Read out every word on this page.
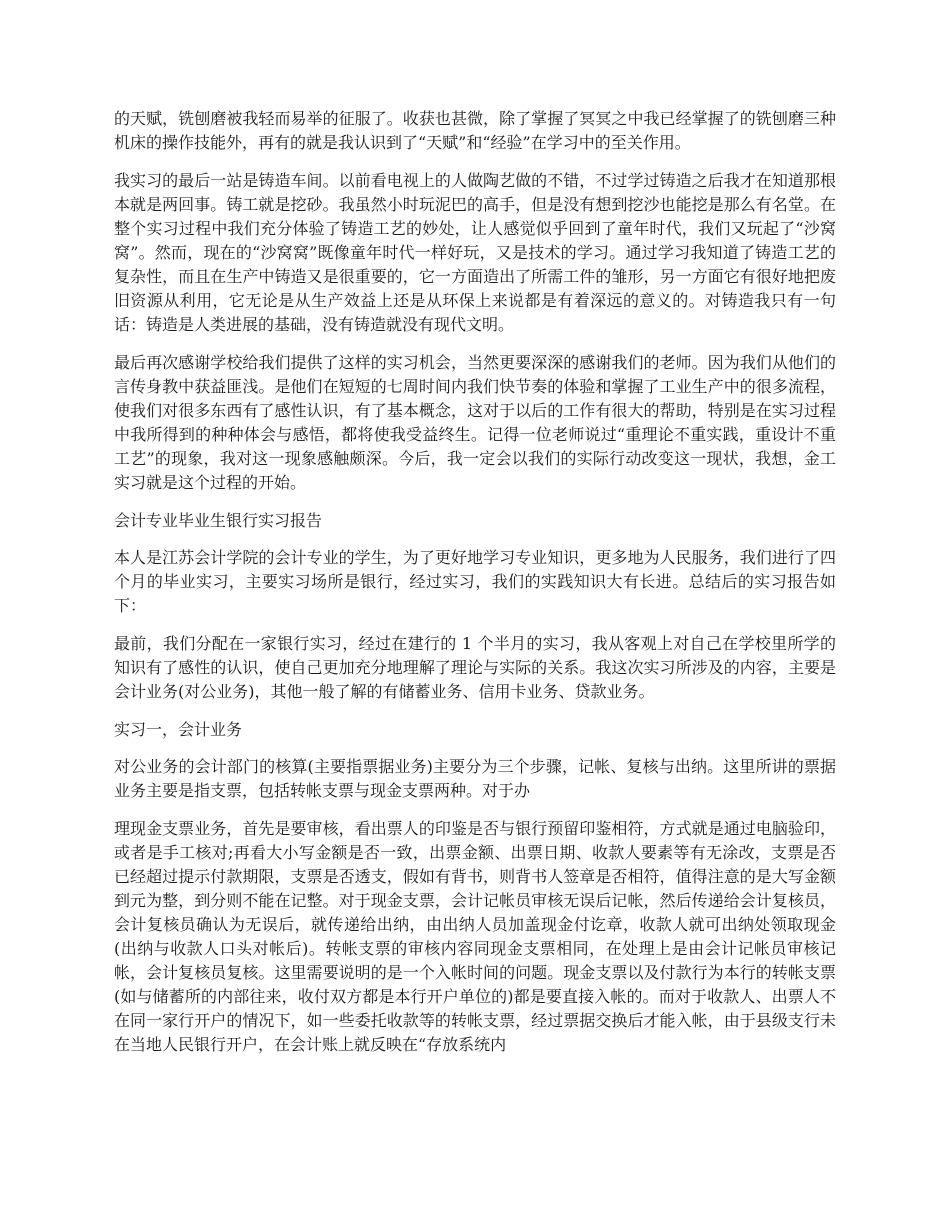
的天赋，铣刨磨被我轻而易举的征服了。收获也甚微，除了掌握了冥冥之中我已经掌握了的铣刨磨三种机床的操作技能外，再有的就是我认识到了“天赋”和“经验”在学习中的至关作用。

我实习的最后一站是铸造车间。以前看电视上的人做陶艺做的不错，不过学过铸造之后我才在知道那根本就是两回事。铸工就是挖砂。我虽然小时玩泥巴的高手，但是没有想到挖沙也能挖是那么有名堂。在整个实习过程中我们充分体验了铸造工艺的妙处，让人感觉似乎回到了童年时代，我们又玩起了“沙窝窝”。然而，现在的“沙窝窝”既像童年时代一样好玩，又是技术的学习。通过学习我知道了铸造工艺的复杂性，而且在生产中铸造又是很重要的，它一方面造出了所需工件的雏形，另一方面它有很好地把废旧资源从利用，它无论是从生产效益上还是从环保上来说都是有着深远的意义的。对铸造我只有一句话：铸造是人类进展的基础，没有铸造就没有现代文明。

最后再次感谢学校给我们提供了这样的实习机会，当然更要深深的感谢我们的老师。因为我们从他们的言传身教中获益匪浅。是他们在短短的七周时间内我们快节奏的体验和掌握了工业生产中的很多流程，使我们对很多东西有了感性认识，有了基本概念，这对于以后的工作有很大的帮助，特别是在实习过程中我所得到的种种体会与感悟，都将使我受益终生。记得一位老师说过“重理论不重实践，重设计不重工艺”的现象，我对这一现象感触颇深。今后，我一定会以我们的实际行动改变这一现状，我想，金工实习就是这个过程的开始。

会计专业毕业生银行实习报告

本人是江苏会计学院的会计专业的学生，为了更好地学习专业知识，更多地为人民服务，我们进行了四个月的毕业实习，主要实习场所是银行，经过实习，我们的实践知识大有长进。总结后的实习报告如下：

最前，我们分配在一家银行实习，经过在建行的 1 个半月的实习，我从客观上对自己在学校里所学的知识有了感性的认识，使自己更加充分地理解了理论与实际的关系。我这次实习所涉及的内容，主要是会计业务(对公业务)，其他一般了解的有储蓄业务、信用卡业务、贷款业务。

实习一，会计业务

对公业务的会计部门的核算(主要指票据业务)主要分为三个步骤，记帐、复核与出纳。这里所讲的票据业务主要是指支票，包括转帐支票与现金支票两种。对于办

理现金支票业务，首先是要审核，看出票人的印鉴是否与银行预留印鉴相符，方式就是通过电脑验印，或者是手工核对;再看大小写金额是否一致，出票金额、出票日期、收款人要素等有无涂改，支票是否已经超过提示付款期限，支票是否透支，假如有背书，则背书人签章是否相符，值得注意的是大写金额到元为整，到分则不能在记整。对于现金支票，会计记帐员审核无误后记帐，然后传递给会计复核员，会计复核员确认为无误后，就传递给出纳，由出纳人员加盖现金付讫章，收款人就可出纳处领取现金(出纳与收款人口头对帐后)。转帐支票的审核内容同现金支票相同，在处理上是由会计记帐员审核记帐，会计复核员复核。这里需要说明的是一个入帐时间的问题。现金支票以及付款行为本行的转帐支票(如与储蓄所的内部往来，收付双方都是本行开户单位的)都是要直接入帐的。而对于收款人、出票人不在同一家行开户的情况下，如一些委托收款等的转帐支票，经过票据交换后才能入帐，由于县级支行未在当地人民银行开户，在会计账上就反映在“存放系统内
